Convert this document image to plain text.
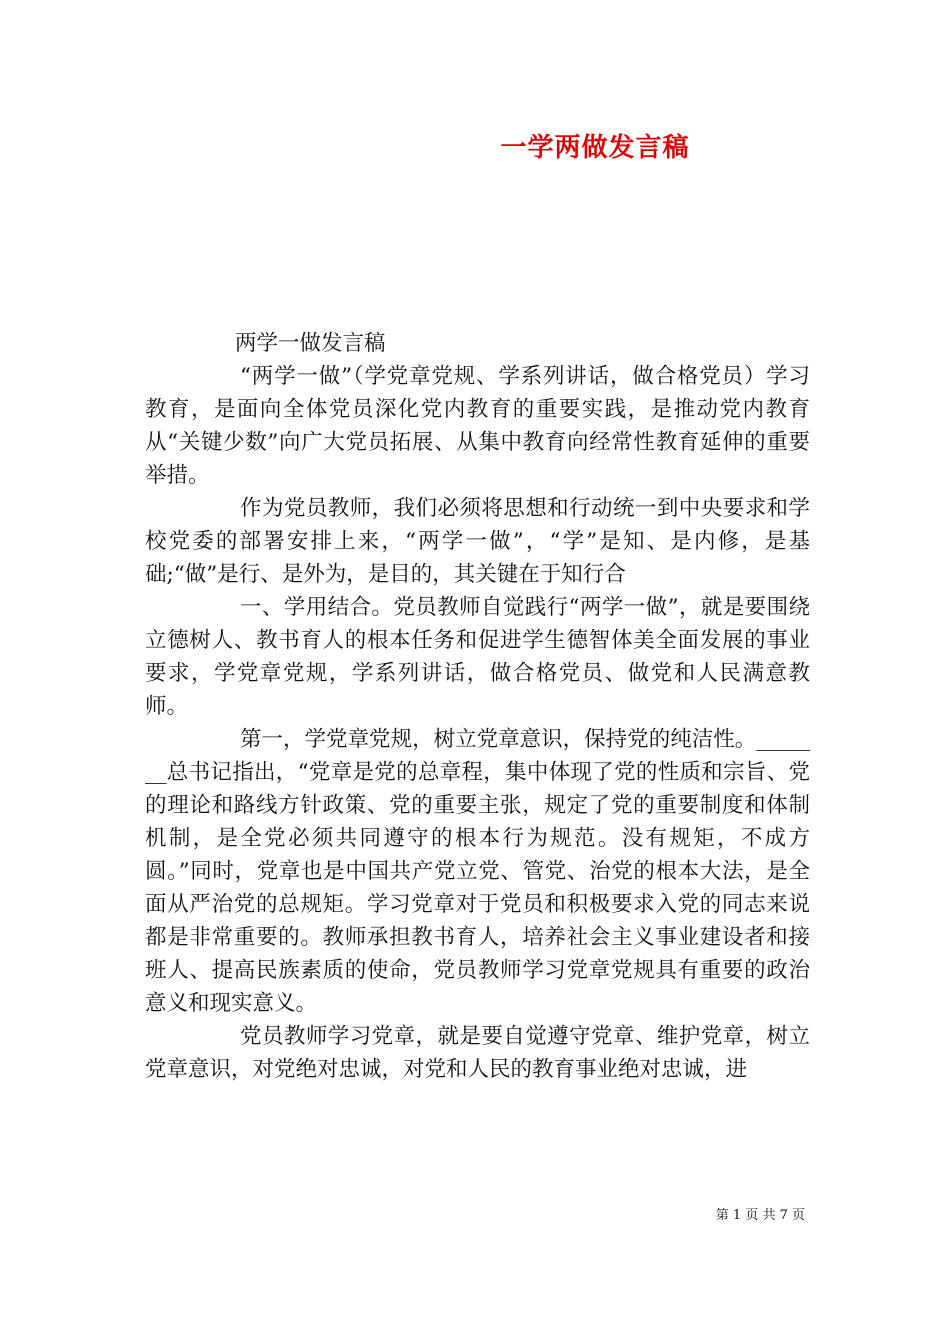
一学两做发言稿

两学一做发言稿

“两学一做”（学党章党规、学系列讲话，做合格党员）学习教育，是面向全体党员深化党内教育的重要实践，是推动党内教育从“关键少数”向广大党员拓展、从集中教育向经常性教育延伸的重要举措。

作为党员教师，我们必须将思想和行动统一到中央要求和学校党委的部署安排上来，“两学一做”，“学”是知、是内修，是基础;“做”是行、是外为，是目的，其关键在于知行合

一、学用结合。党员教师自觉践行“两学一做”，就是要围绕立德树人、教书育人的根本任务和促进学生德智体美全面发展的事业要求，学党章党规，学系列讲话，做合格党员、做党和人民满意教师。

第一，学党章党规，树立党章意识，保持党的纯洁性。_______总书记指出，“党章是党的总章程，集中体现了党的性质和宗旨、党的理论和路线方针政策、党的重要主张，规定了党的重要制度和体制机制，是全党必须共同遵守的根本行为规范。没有规矩，不成方圆。”同时，党章也是中国共产党立党、管党、治党的根本大法，是全面从严治党的总规矩。学习党章对于党员和积极要求入党的同志来说都是非常重要的。教师承担教书育人，培养社会主义事业建设者和接班人、提高民族素质的使命，党员教师学习党章党规具有重要的政治意义和现实意义。

党员教师学习党章，就是要自觉遵守党章、维护党章，树立党章意识，对党绝对忠诚，对党和人民的教育事业绝对忠诚，进

第 1 页 共 7 页
